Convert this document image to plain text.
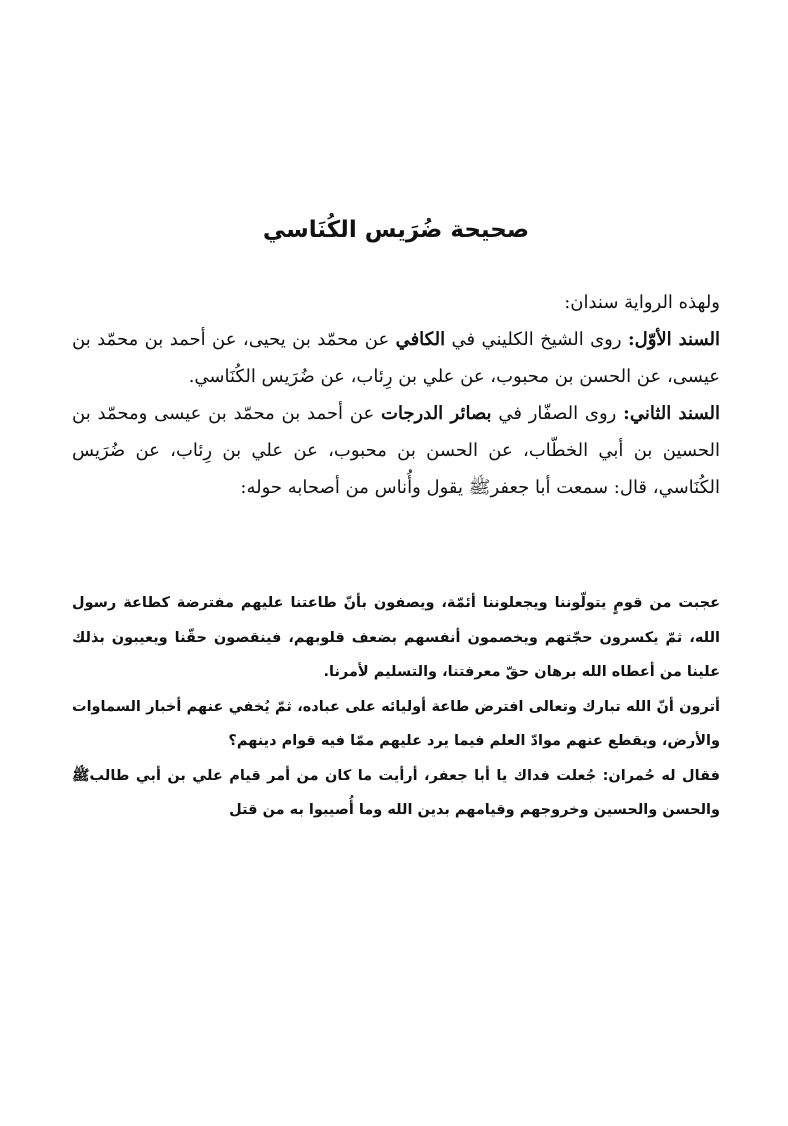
صحيحة ضُرَيس الكُنَاسي

ولهذه الرواية سندان:

السند الأوّل: روى الشيخ الكليني في الكافي عن محمّد بن يحيى، عن أحمد بن محمّد بن عيسى، عن الحسن بن محبوب، عن علي بن رِئاب، عن ضُرَيس الكُنَاسي.

السند الثاني: روى الصفّار في بصائر الدرجات عن أحمد بن محمّد بن عيسى ومحمّد بن الحسين بن أبي الخطّاب، عن الحسن بن محبوب، عن علي بن رِئاب، عن ضُرَيس الكُنَاسي، قال: سمعت أبا جعفرﷺ يقول وأُناس من أصحابه حوله:

عجبت من قومٍ يتولّوننا ويجعلوننا أئمّة، ويصفون بأنّ طاعتنا عليهم مفترضة كطاعة رسول الله، ثمّ يكسرون حجّتهم ويخصمون أنفسهم بضعف قلوبهم، فينقصون حقّنا ويعيبون بذلك علينا من أعطاه الله برهان حقّ معرفتنا، والتسليم لأمرنا.

أترون أنّ الله تبارك وتعالى افترض طاعة أوليائه على عباده، ثمّ يُخفي عنهم أخبار السماوات والأرض، ويقطع عنهم موادّ العلم فيما يرد عليهم ممّا فيه قوام دينهم؟

فقال له حُمران: جُعلت فداك يا أبا جعفر، أرأيت ما كان من أمر قيام علي بن أبي طالبﷺ والحسن والحسين وخروجهم وقيامهم بدين الله وما أُصيبوا به من قتل
